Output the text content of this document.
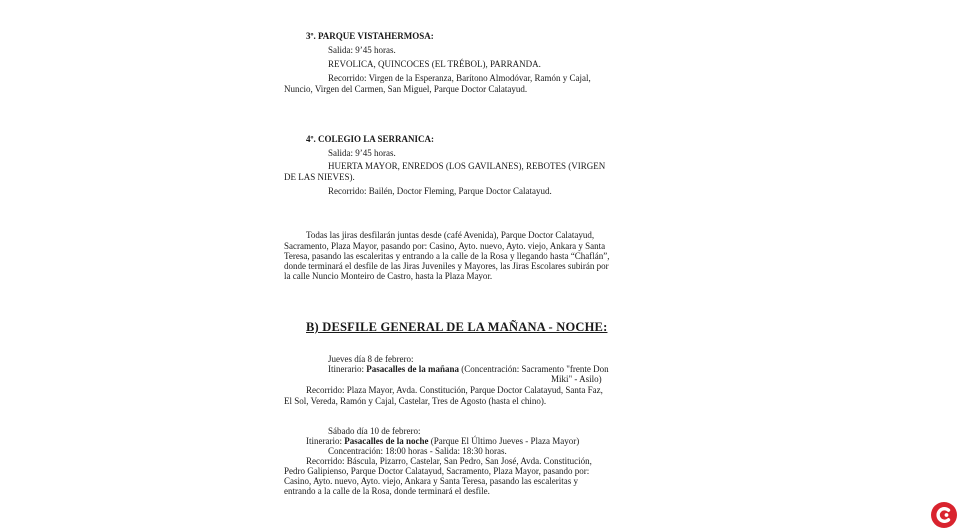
3º. PARQUE VISTAHERMOSA:
Salida: 9’45 horas.
REVOLICA, QUINCOCES (EL TRÉBOL), PARRANDA.
Recorrido: Virgen de la Esperanza, Barítono Almodóvar, Ramón y Cajal,
Nuncio, Virgen del Carmen, San Miguel, Parque Doctor Calatayud.
4º. COLEGIO LA SERRANICA:
Salida: 9’45 horas.
HUERTA MAYOR, ENREDOS (LOS GAVILANES), REBOTES (VIRGEN
DE LAS NIEVES).
Recorrido: Bailén, Doctor Fleming, Parque Doctor Calatayud.
Todas las jiras desfilarán juntas desde (café Avenida), Parque Doctor Calatayud,
Sacramento, Plaza Mayor, pasando por: Casino, Ayto. nuevo, Ayto. viejo, Ankara y Santa
Teresa, pasando las escaleritas y entrando a la calle de la Rosa y llegando hasta “Chaflán”,
donde terminará el desfile de las Jiras Juveniles y Mayores, las Jiras Escolares subirán por
la calle Nuncio Monteiro de Castro, hasta la Plaza Mayor.
B) DESFILE GENERAL DE LA MAÑANA - NOCHE:
Jueves día 8 de febrero:
Itinerario: Pasacalles de la mañana (Concentración: Sacramento "frente Don
Miki" - Asilo)
Recorrido: Plaza Mayor, Avda. Constitución, Parque Doctor Calatayud, Santa Faz,
El Sol, Vereda, Ramón y Cajal, Castelar, Tres de Agosto (hasta el chino).
Sábado día 10 de febrero:
Itinerario: Pasacalles de la noche (Parque El Último Jueves - Plaza Mayor)
Concentración: 18:00 horas - Salida: 18:30 horas.
Recorrido: Báscula, Pizarro, Castelar, San Pedro, San José, Avda. Constitución,
Pedro Galipienso, Parque Doctor Calatayud, Sacramento, Plaza Mayor, pasando por:
Casino, Ayto. nuevo, Ayto. viejo, Ankara y Santa Teresa, pasando las escaleritas y
entrando a la calle de la Rosa, donde terminará el desfile.
